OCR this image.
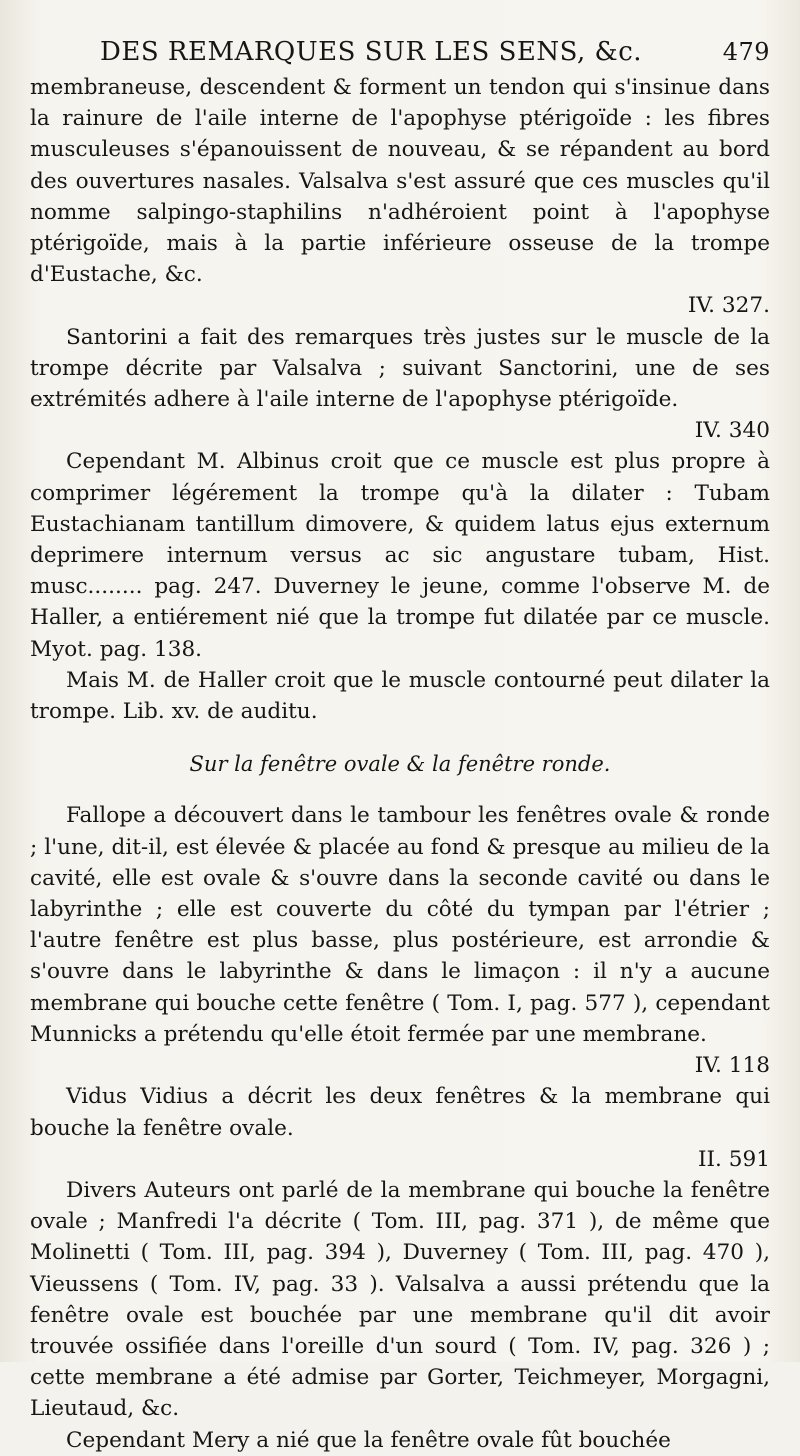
DES REMARQUES SUR LES SENS, &c.	479

membraneuse, descendent & forment un tendon qui s'insinue dans la rainure de l'aile interne de l'apophyse ptérigoïde : les fibres musculeuses s'épanouissent de nouveau, & se répandent au bord des ouvertures nasales. Valsalva s'est assuré que ces muscles qu'il nomme salpingo-staphilins n'adhéroient point à l'apophyse ptérigoïde, mais à la partie inférieure osseuse de la trompe d'Eustache, &c.
IV. 327.

Santorini a fait des remarques très justes sur le muscle de la trompe décrite par Valsalva ; suivant Sanctorini, une de ses extrémités adhere à l'aile interne de l'apophyse ptérigoïde.
IV. 340

Cependant M. Albinus croit que ce muscle est plus propre à comprimer légérement la trompe qu'à la dilater : Tubam Eustachianam tantillum dimovere, & quidem latus ejus externum deprimere internum versus ac sic angustare tubam, Hist. musc........ pag. 247. Duverney le jeune, comme l'observe M. de Haller, a entiérement nié que la trompe fut dilatée par ce muscle. Myot. pag. 138.

Mais M. de Haller croit que le muscle contourné peut dilater la trompe. Lib. xv. de auditu.

Sur la fenêtre ovale & la fenêtre ronde.

Fallope a découvert dans le tambour les fenêtres ovale & ronde ; l'une, dit-il, est élevée & placée au fond & presque au milieu de la cavité, elle est ovale & s'ouvre dans la seconde cavité ou dans le labyrinthe ; elle est couverte du côté du tympan par l'étrier ; l'autre fenêtre est plus basse, plus postérieure, est arrondie & s'ouvre dans le labyrinthe & dans le limaçon : il n'y a aucune membrane qui bouche cette fenêtre ( Tom. I, pag. 577 ), cependant Munnicks a prétendu qu'elle étoit fermée par une membrane.
IV. 118

Vidus Vidius a décrit les deux fenêtres & la membrane qui bouche la fenêtre ovale.
II. 591

Divers Auteurs ont parlé de la membrane qui bouche la fenêtre ovale ; Manfredi l'a décrite ( Tom. III, pag. 371 ), de même que Molinetti ( Tom. III, pag. 394 ), Duverney ( Tom. III, pag. 470 ), Vieussens ( Tom. IV, pag. 33 ). Valsalva a aussi prétendu que la fenêtre ovale est bouchée par une membrane qu'il dit avoir trouvée ossifiée dans l'oreille d'un sourd ( Tom. IV, pag. 326 ) ; cette membrane a été admise par Gorter, Teichmeyer, Morgagni, Lieutaud, &c.

Cependant Mery a nié que la fenêtre ovale fût bouchée
